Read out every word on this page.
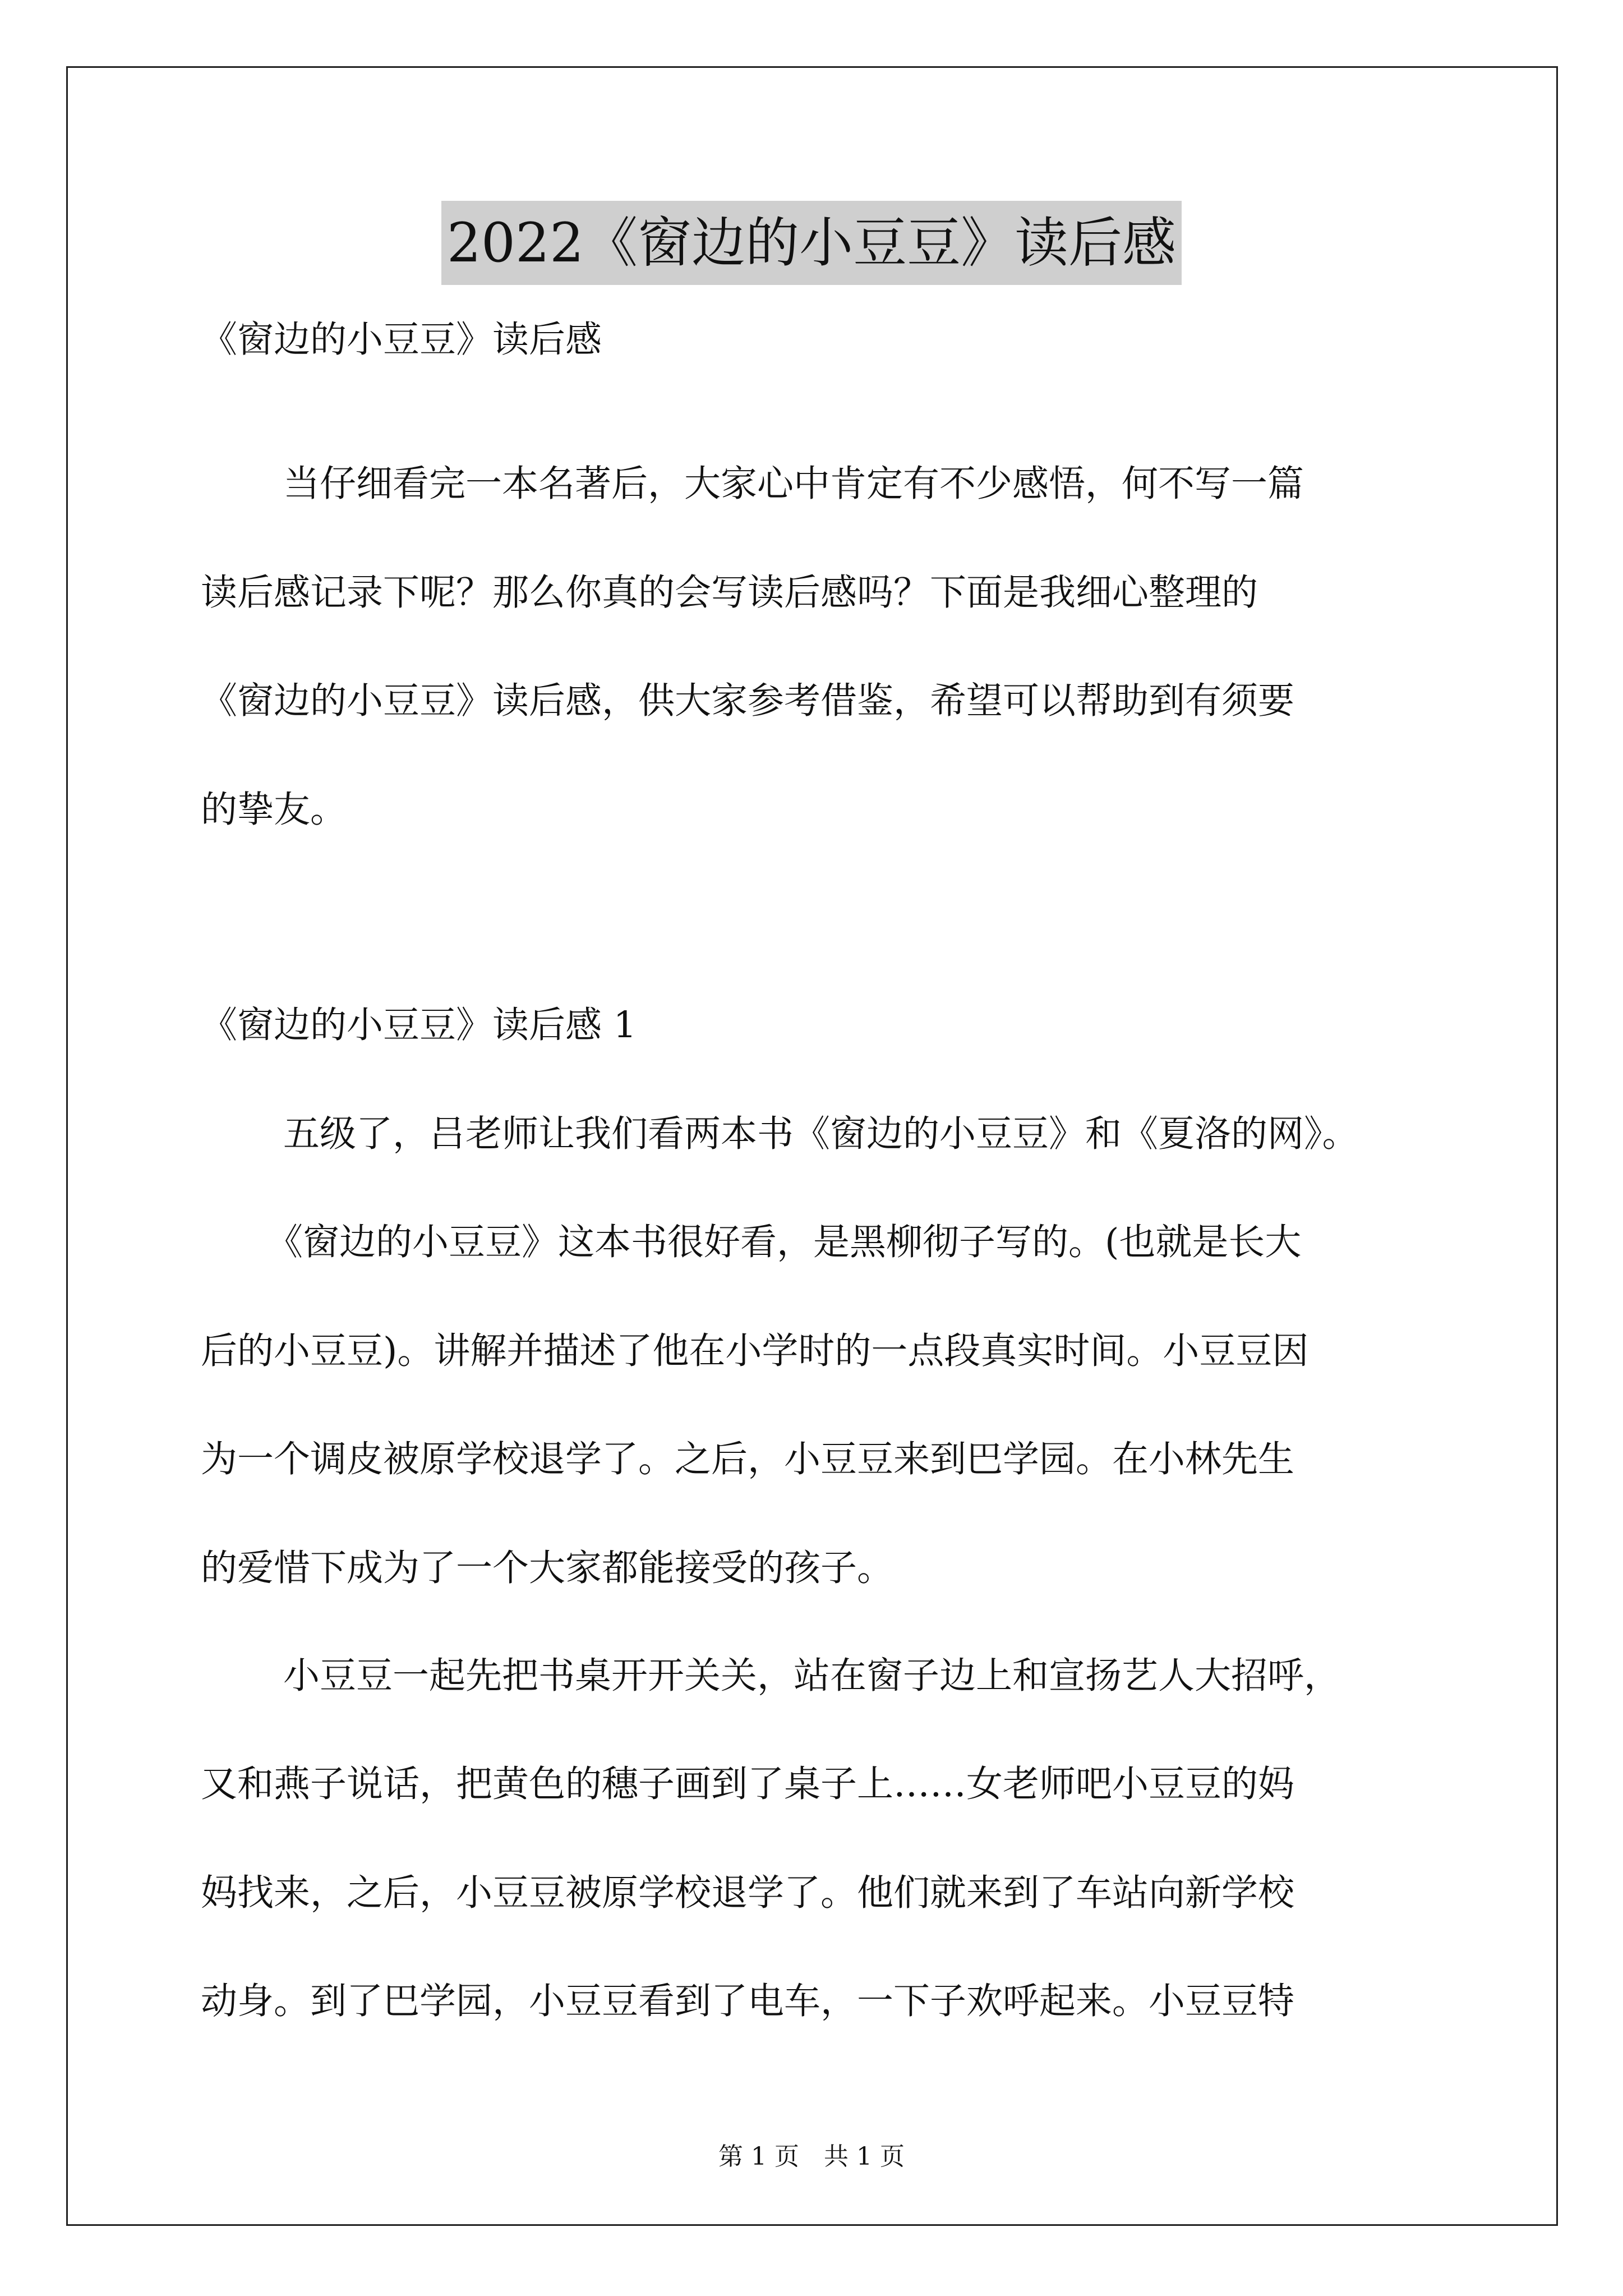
2022《窗边的小豆豆》读后感
《窗边的小豆豆》读后感
当仔细看完一本名著后，大家心中肯定有不少感悟，何不写一篇
读后感记录下呢？那么你真的会写读后感吗？下面是我细心整理的
《窗边的小豆豆》读后感，供大家参考借鉴，希望可以帮助到有须要
的挚友。
《窗边的小豆豆》读后感 1
五级了，吕老师让我们看两本书《窗边的小豆豆》和《夏洛的网》。
《窗边的小豆豆》这本书很好看，是黑柳彻子写的。(也就是长大
后的小豆豆)。讲解并描述了他在小学时的一点段真实时间。小豆豆因
为一个调皮被原学校退学了。之后，小豆豆来到巴学园。在小林先生
的爱惜下成为了一个大家都能接受的孩子。
小豆豆一起先把书桌开开关关，站在窗子边上和宣扬艺人大招呼，
又和燕子说话，把黄色的穗子画到了桌子上……女老师吧小豆豆的妈
妈找来，之后，小豆豆被原学校退学了。他们就来到了车站向新学校
动身。到了巴学园，小豆豆看到了电车，一下子欢呼起来。小豆豆特
第 1 页　共 1 页
